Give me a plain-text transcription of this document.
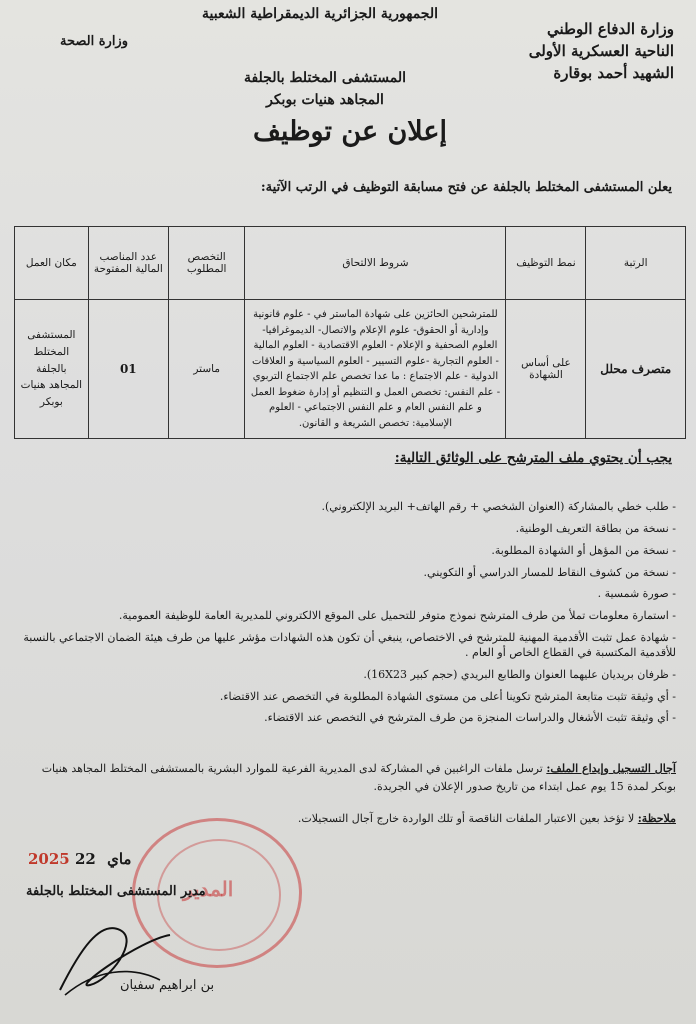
الجمهورية الجزائرية الديمقراطية الشعبية
وزارة الدفاع الوطني
الناحية العسكرية الأولى
الشهيد أحمد بوقارة
وزارة الصحة
المستشفى المختلط بالجلفة
المجاهد هنيات بوبكر
إعلان عن توظيف
يعلن المستشفى المختلط بالجلفة عن فتح مسابقة التوظيف في الرتب الآتية:
الرتبة	نمط التوظيف	شروط الالتحاق	التخصص المطلوب	عدد المناصب المالية المفتوحة	مكان العمل
متصرف محلل	على أساس الشهادة	للمترشحين الحائزين على شهادة الماستر في - علوم قانونية وإدارية أو الحقوق- علوم الإعلام والاتصال- الديموغرافيا- العلوم الصحفية و الإعلام - العلوم الاقتصادية - العلوم المالية - العلوم التجارية -علوم التسيير - العلوم السياسية و العلاقات الدولية - علم الاجتماع : ما عدا تخصص علم الاجتماع التربوي - علم النفس: تخصص العمل و التنظيم أو إدارة ضغوط العمل و علم النفس العام و علم النفس الاجتماعي - العلوم الإسلامية: تخصص الشريعة و القانون.	ماستر	01	المستشفى المختلط بالجلفة المجاهد هنيات بوبكر
يجب أن يحتوي ملف المترشح على الوثائق التالية:
- طلب خطي بالمشاركة (العنوان الشخصي + رقم الهاتف+ البريد الإلكتروني).
- نسخة من بطاقة التعريف الوطنية.
- نسخة من المؤهل أو الشهادة المطلوبة.
- نسخة من كشوف النقاط للمسار الدراسي أو التكويني.
- صورة شمسية .
- استمارة معلومات تملأ من طرف المترشح نموذج متوفر للتحميل على الموقع الالكتروني للمديرية العامة للوظيفة العمومية.
- شهادة عمل تثبت الأقدمية المهنية للمترشح في الاختصاص، ينبغي أن تكون هذه الشهادات مؤشر عليها من طرف هيئة الضمان الاجتماعي بالنسبة للأقدمية المكتسبة في القطاع الخاص أو العام .
- ظرفان بريديان عليهما العنوان والطابع البريدي (حجم كبير 16X23).
- أي وثيقة تثبت متابعة المترشح تكوينا أعلى من مستوى الشهادة المطلوبة في التخصص عند الاقتضاء.
- أي وثيقة تثبت الأشغال والدراسات المنجزة من طرف المترشح في التخصص عند الاقتضاء.
آجال التسجيل وإيداع الملف: ترسل ملفات الراغبين في المشاركة لدى المديرية الفرعية للموارد البشرية بالمستشفى المختلط المجاهد هنيات بوبكر لمدة 15 يوم عمل ابتداء من تاريخ صدور الإعلان في الجريدة.
ملاحظة: لا تؤخذ بعين الاعتبار الملفات الناقصة أو تلك الواردة خارج آجال التسجيلات.
المدير
2025 ماي 22
مدير المستشفى المختلط بالجلفة
بن ابراهيم سفيان
